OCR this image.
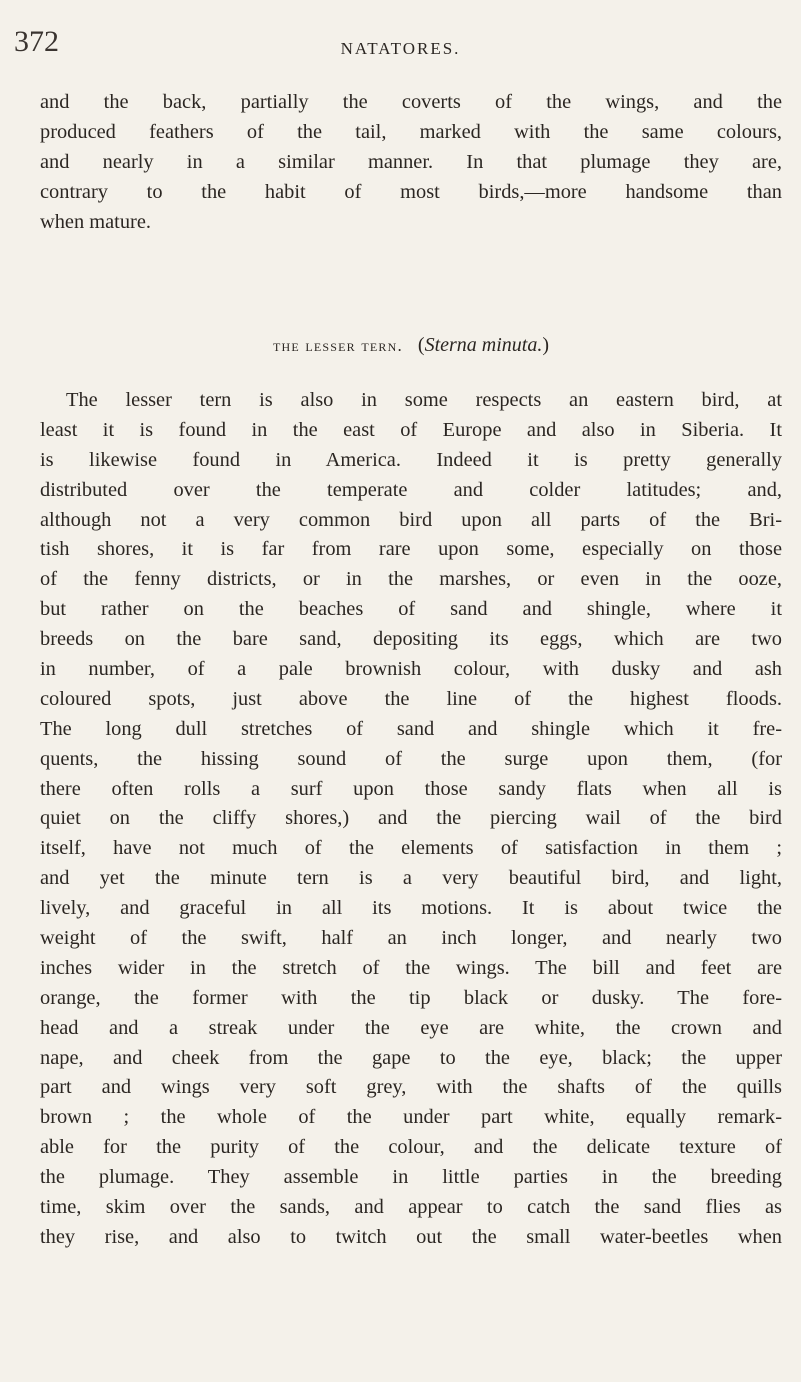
372	NATATORES.
and the back, partially the coverts of the wings, and the
produced feathers of the tail, marked with the same colours,
and nearly in a similar manner. In that plumage they are,
contrary to the habit of most birds,—more handsome than
when mature.
the lesser tern. (Sterna minuta.)
The lesser tern is also in some respects an eastern bird, at
least it is found in the east of Europe and also in Siberia. It
is likewise found in America. Indeed it is pretty generally
distributed over the temperate and colder latitudes; and,
although not a very common bird upon all parts of the Bri-
tish shores, it is far from rare upon some, especially on those
of the fenny districts, or in the marshes, or even in the ooze,
but rather on the beaches of sand and shingle, where it
breeds on the bare sand, depositing its eggs, which are two
in number, of a pale brownish colour, with dusky and ash
coloured spots, just above the line of the highest floods.
The long dull stretches of sand and shingle which it fre-
quents, the hissing sound of the surge upon them, (for
there often rolls a surf upon those sandy flats when all is
quiet on the cliffy shores,) and the piercing wail of the bird
itself, have not much of the elements of satisfaction in them ;
and yet the minute tern is a very beautiful bird, and light,
lively, and graceful in all its motions. It is about twice the
weight of the swift, half an inch longer, and nearly two
inches wider in the stretch of the wings. The bill and feet are
orange, the former with the tip black or dusky. The fore-
head and a streak under the eye are white, the crown and
nape, and cheek from the gape to the eye, black; the upper
part and wings very soft grey, with the shafts of the quills
brown ; the whole of the under part white, equally remark-
able for the purity of the colour, and the delicate texture of
the plumage. They assemble in little parties in the breeding
time, skim over the sands, and appear to catch the sand flies as
they rise, and also to twitch out the small water-beetles when
